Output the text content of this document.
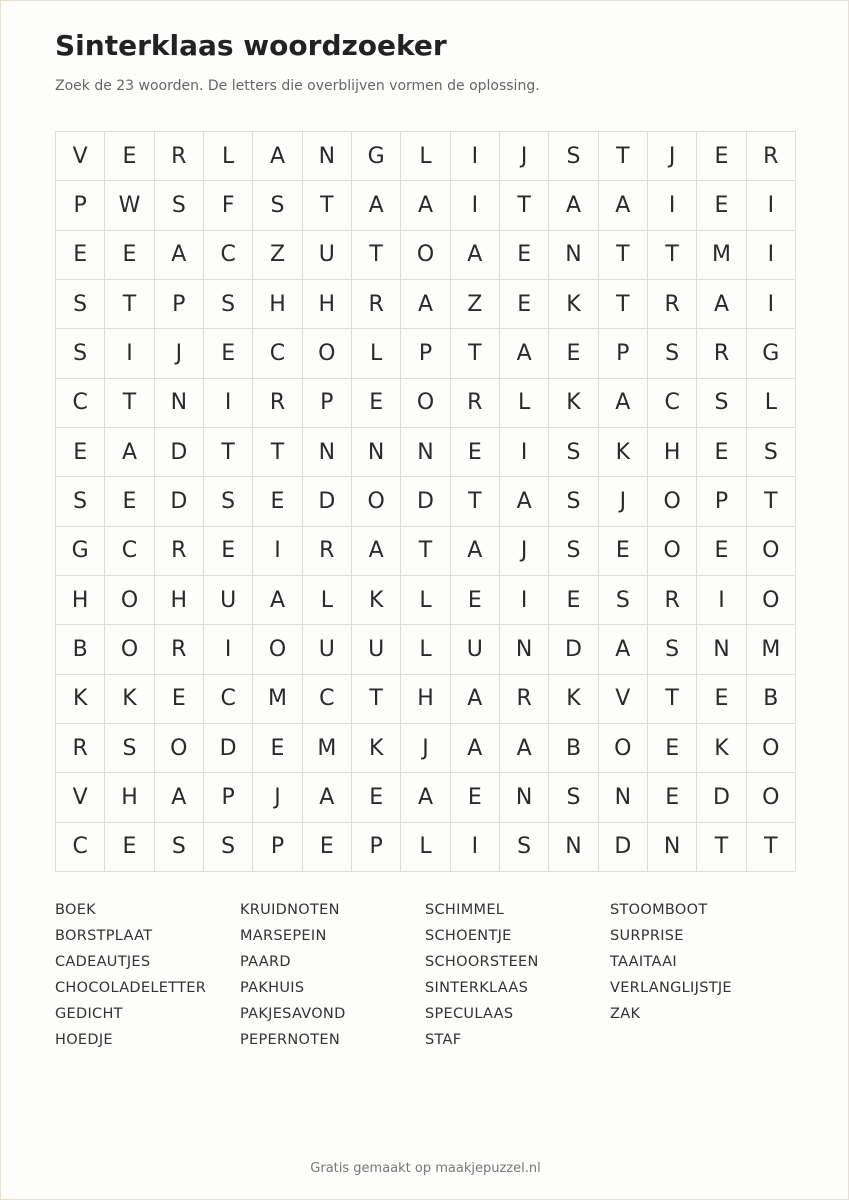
Sinterklaas woordzoeker

Zoek de 23 woorden. De letters die overblijven vormen de oplossing.

V	E	R	L	A	N	G	L	I	J	S	T	J	E	R
P	W	S	F	S	T	A	A	I	T	A	A	I	E	I
E	E	A	C	Z	U	T	O	A	E	N	T	T	M	I
S	T	P	S	H	H	R	A	Z	E	K	T	R	A	I
S	I	J	E	C	O	L	P	T	A	E	P	S	R	G
C	T	N	I	R	P	E	O	R	L	K	A	C	S	L
E	A	D	T	T	N	N	N	E	I	S	K	H	E	S
S	E	D	S	E	D	O	D	T	A	S	J	O	P	T
G	C	R	E	I	R	A	T	A	J	S	E	O	E	O
H	O	H	U	A	L	K	L	E	I	E	S	R	I	O
B	O	R	I	O	U	U	L	U	N	D	A	S	N	M
K	K	E	C	M	C	T	H	A	R	K	V	T	E	B
R	S	O	D	E	M	K	J	A	A	B	O	E	K	O
V	H	A	P	J	A	E	A	E	N	S	N	E	D	O
C	E	S	S	P	E	P	L	I	S	N	D	N	T	T
BOEK
BORSTPLAAT
CADEAUTJES
CHOCOLADELETTER
GEDICHT
HOEDJE
KRUIDNOTEN
MARSEPEIN
PAARD
PAKHUIS
PAKJESAVOND
PEPERNOTEN
SCHIMMEL
SCHOENTJE
SCHOORSTEEN
SINTERKLAAS
SPECULAAS
STAF
STOOMBOOT
SURPRISE
TAAITAAI
VERLANGLIJSTJE
ZAK
Gratis gemaakt op maakjepuzzel.nl
